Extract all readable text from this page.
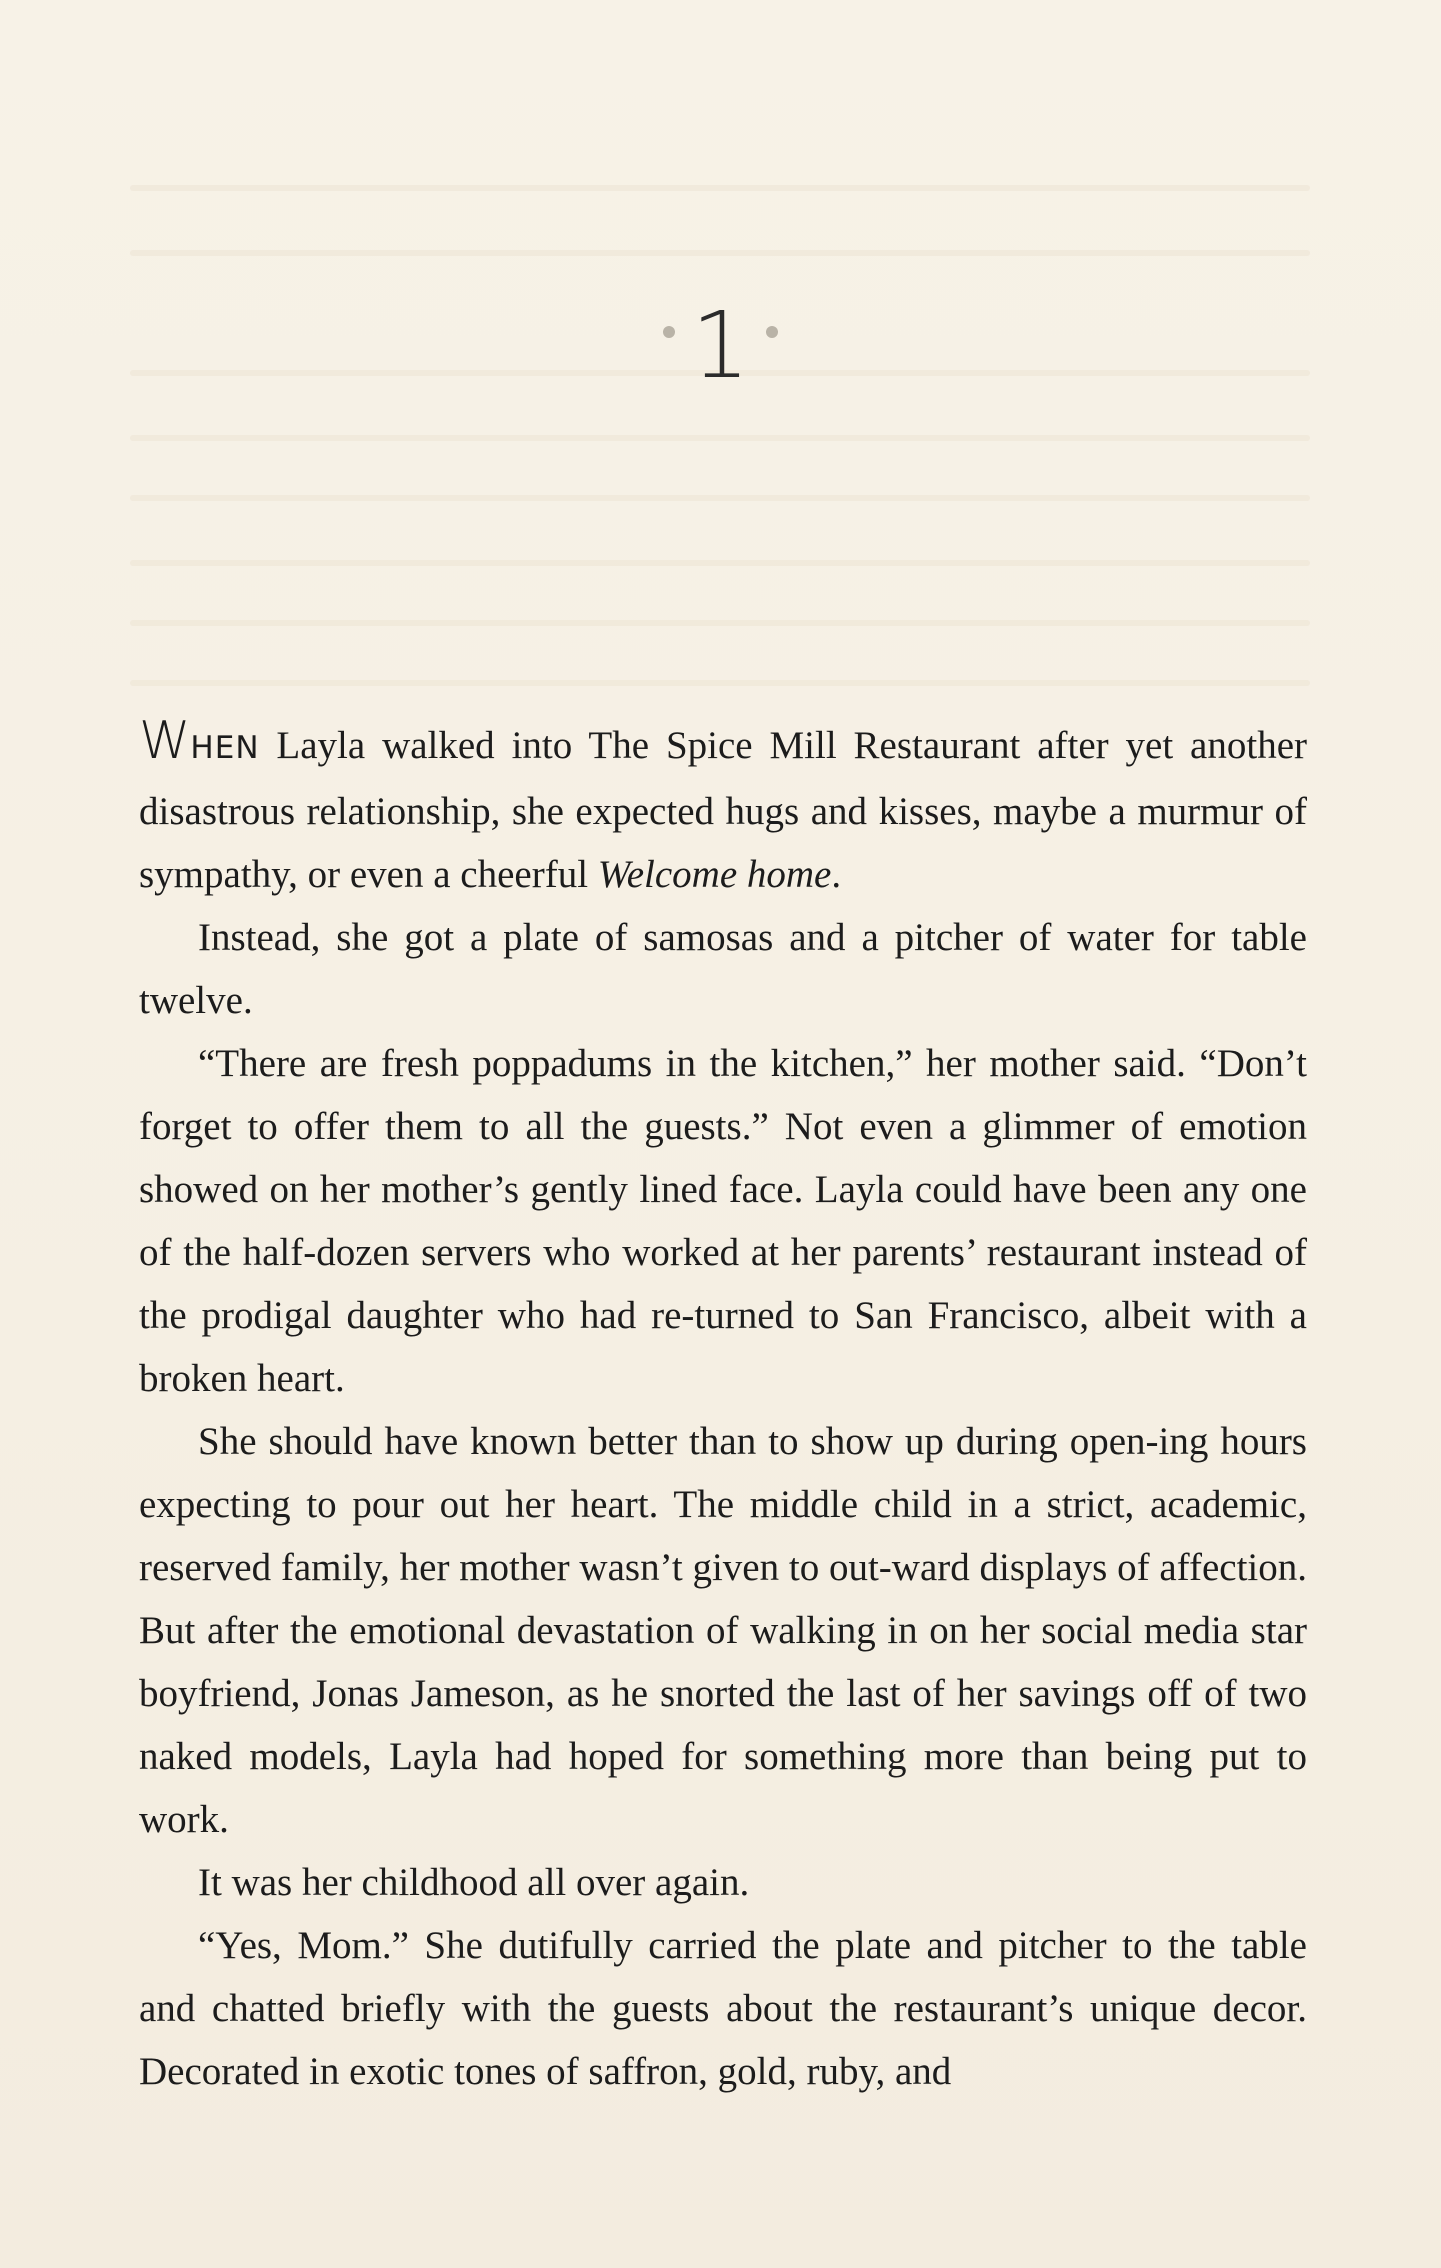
1

WHEN Layla walked into The Spice Mill Restaurant after yet another disastrous relationship, she expected hugs and kisses, maybe a murmur of sympathy, or even a cheerful Welcome home.

Instead, she got a plate of samosas and a pitcher of water for table twelve.

“There are fresh poppadums in the kitchen,” her mother said. “Don’t forget to offer them to all the guests.” Not even a glimmer of emotion showed on her mother’s gently lined face. Layla could have been any one of the half-dozen servers who worked at her parents’ restaurant instead of the prodigal daughter who had re-turned to San Francisco, albeit with a broken heart.

She should have known better than to show up during open-ing hours expecting to pour out her heart. The middle child in a strict, academic, reserved family, her mother wasn’t given to out-ward displays of affection. But after the emotional devastation of walking in on her social media star boyfriend, Jonas Jameson, as he snorted the last of her savings off of two naked models, Layla had hoped for something more than being put to work.

It was her childhood all over again.

“Yes, Mom.” She dutifully carried the plate and pitcher to the table and chatted briefly with the guests about the restaurant’s unique decor. Decorated in exotic tones of saffron, gold, ruby, and
